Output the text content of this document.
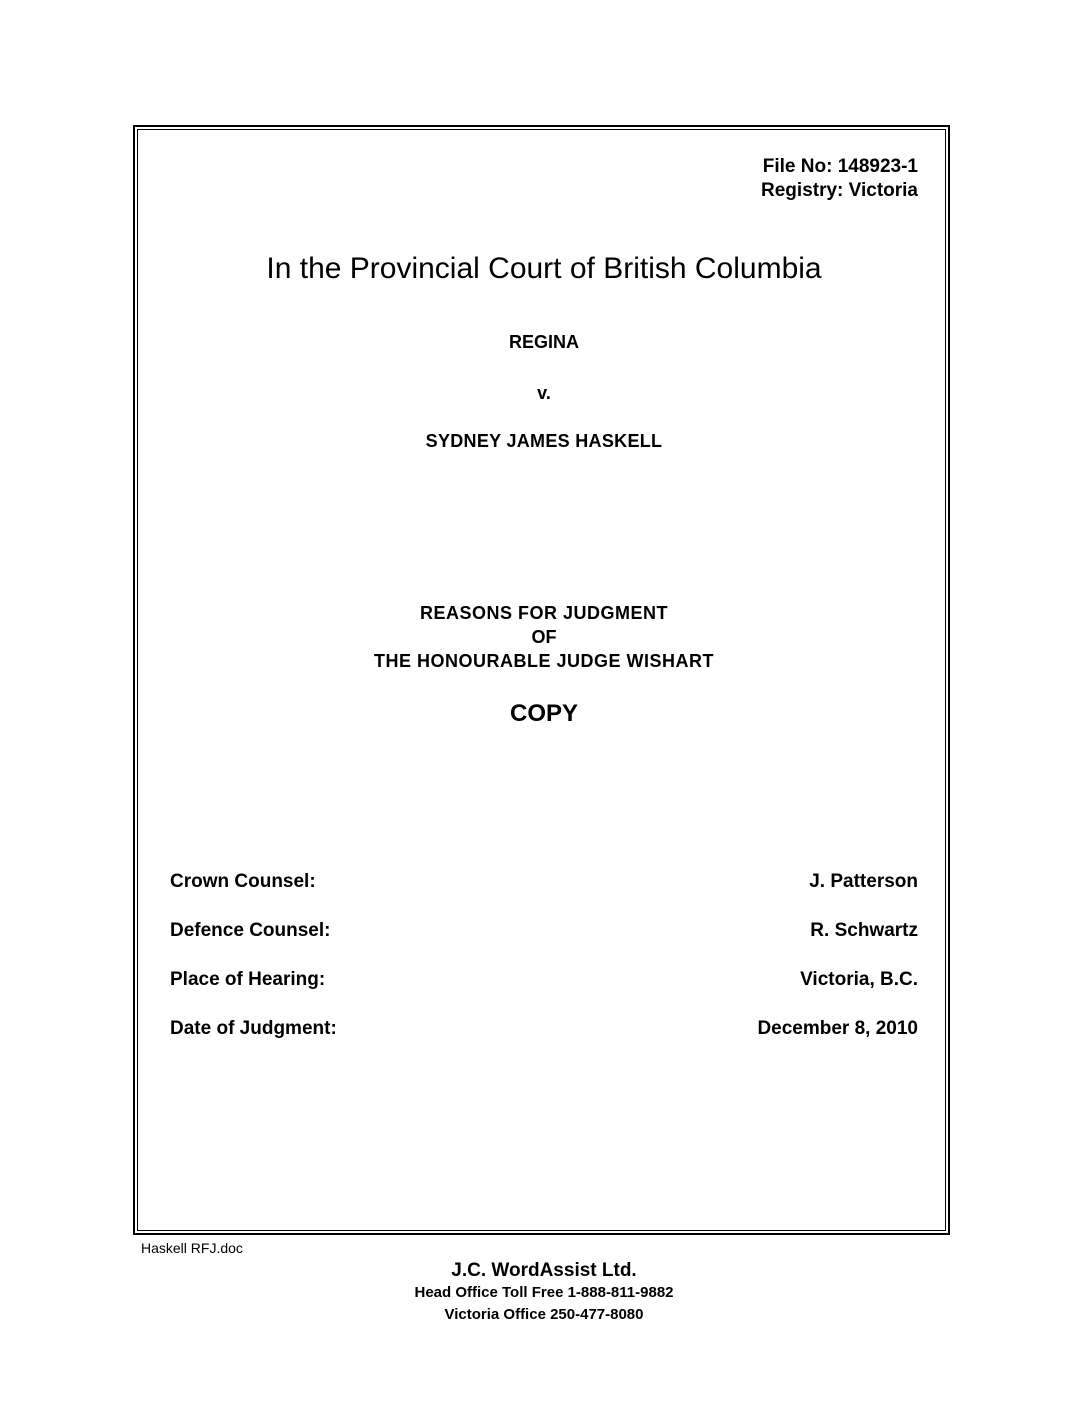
File No: 148923-1
Registry: Victoria
In the Provincial Court of British Columbia
REGINA
v.
SYDNEY JAMES HASKELL
REASONS FOR JUDGMENT
OF
THE HONOURABLE JUDGE WISHART
COPY
Crown Counsel:	J. Patterson
Defence Counsel:	R. Schwartz
Place of Hearing:	Victoria, B.C.
Date of Judgment:	December 8, 2010
Haskell RFJ.doc
J.C. WordAssist Ltd.
Head Office Toll Free 1-888-811-9882
Victoria Office 250-477-8080
